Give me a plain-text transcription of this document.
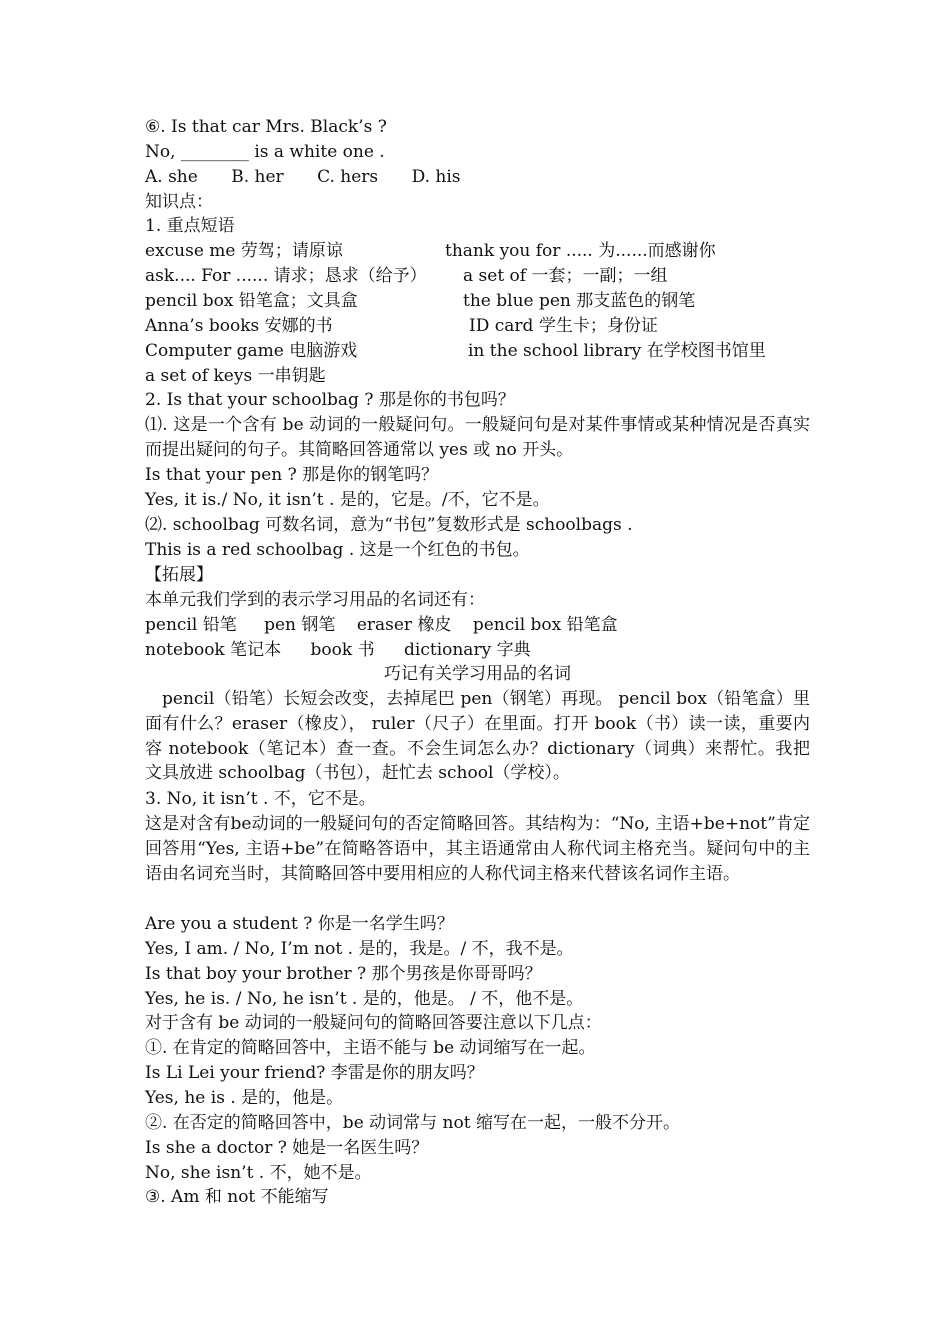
⑥. Is that car Mrs. Black’s ?
No, ________ is a white one .
A. she B. her C. hers D. his
知识点：
1. 重点短语
excuse me 劳驾；请原谅	thank you for ..... 为......而感谢你
ask.... For ...... 请求；恳求（给予） a set of 一套；一副；一组
pencil box 铅笔盒；文具盒	the blue pen 那支蓝色的钢笔
Anna’s books 安娜的书	ID card 学生卡；身份证
Computer game 电脑游戏	in the school library 在学校图书馆里
a set of keys 一串钥匙
2. Is that your schoolbag ? 那是你的书包吗？
⑴. 这是一个含有 be 动词的一般疑问句。一般疑问句是对某件事情或某种情况是否真实而提出疑问的句子。其简略回答通常以 yes 或 no 开头。
Is that your pen ? 那是你的钢笔吗？
Yes, it is./ No, it isn’t . 是的，它是。/不，它不是。
⑵. schoolbag 可数名词，意为“书包”复数形式是 schoolbags .
This is a red schoolbag . 这是一个红色的书包。
【拓展】
本单元我们学到的表示学习用品的名词还有：
pencil 铅笔 pen 钢笔 eraser 橡皮 pencil box 铅笔盒
notebook 笔记本 book 书 dictionary 字典
巧记有关学习用品的名词
pencil（铅笔）长短会改变，去掉尾巴 pen（钢笔）再现。 pencil box（铅笔盒）里面有什么？eraser（橡皮）， ruler（尺子）在里面。打开 book（书）读一读，重要内容 notebook（笔记本）查一查。不会生词怎么办？dictionary（词典）来帮忙。我把文具放进 schoolbag（书包），赶忙去 school（学校）。
3. No, it isn’t . 不，它不是。
这是对含有be动词的一般疑问句的否定简略回答。其结构为：“No, 主语+be+not”肯定回答用“Yes, 主语+be”在简略答语中，其主语通常由人称代词主格充当。疑问句中的主语由名词充当时，其简略回答中要用相应的人称代词主格来代替该名词作主语。
Are you a student ? 你是一名学生吗？
Yes, I am. / No, I’m not . 是的，我是。/ 不，我不是。
Is that boy your brother ? 那个男孩是你哥哥吗？
Yes, he is. / No, he isn’t . 是的，他是。 / 不，他不是。
对于含有 be 动词的一般疑问句的简略回答要注意以下几点：
①. 在肯定的简略回答中，主语不能与 be 动词缩写在一起。
Is Li Lei your friend? 李雷是你的朋友吗？
Yes, he is . 是的，他是。
②. 在否定的简略回答中，be 动词常与 not 缩写在一起，一般不分开。
Is she a doctor ? 她是一名医生吗？
No, she isn’t . 不，她不是。
③. Am 和 not 不能缩写
